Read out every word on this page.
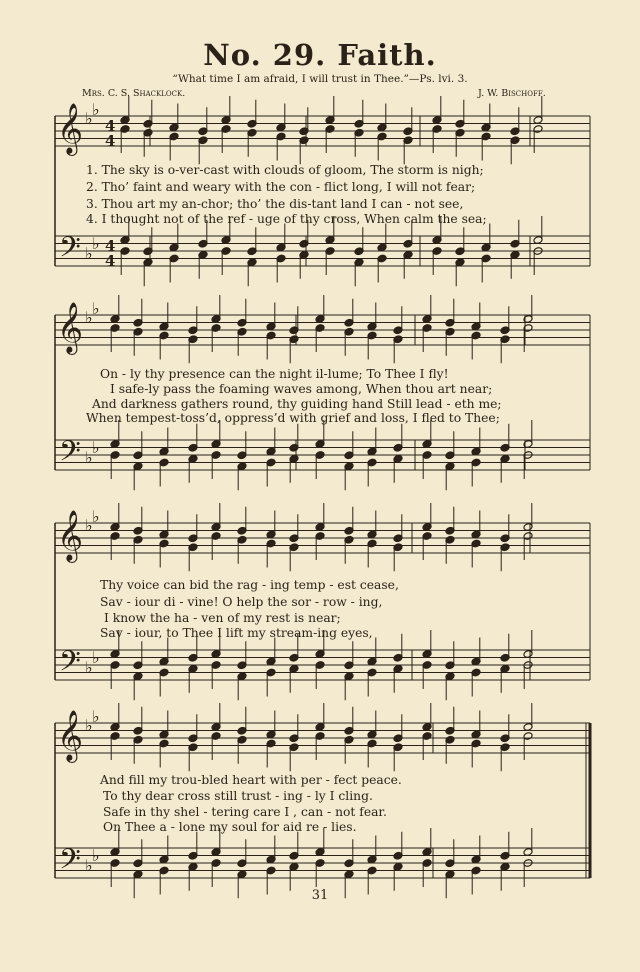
No. 29. Faith.
“What time I am afraid, I will trust in Thee.”—Ps. lvi. 3.
Mrs. C. S. Shacklock.	J. W. Bischoff.
𝄞
𝄢
♭ ♭
♭
♭
4
4
4
4
𝄞
𝄢
♭ ♭
♭
♭
𝄞
𝄢
♭ ♭
♭
♭
𝄞
𝄢
♭ ♭
♭
♭
1. The sky is o-ver-cast with clouds of gloom, The storm is nigh;
2. Tho’ faint and weary with the con - flict long, I will not fear;
3. Thou art my an-chor; tho’ the dis-tant land I can - not see,
4. I thought not of the ref - uge of thy cross, When calm the sea;
On - ly thy presence can the night il-lume; To Thee I fly!
I safe-ly pass the foaming waves among, When thou art near;
And darkness gathers round, thy guiding hand Still lead - eth me;
When tempest-toss’d, oppress’d with grief and loss, I fled to Thee;
Thy voice can bid the rag - ing temp - est cease,
Sav - iour di - vine! O help the sor - row - ing,
I know the ha - ven of my rest is near;
Sav - iour, to Thee I lift my stream-ing eyes,
And fill my trou-bled heart with per - fect peace.
To thy dear cross still trust - ing - ly I cling.
Safe in thy shel - tering care I , can - not fear.
On Thee a - lone my soul for aid re - lies.
31
